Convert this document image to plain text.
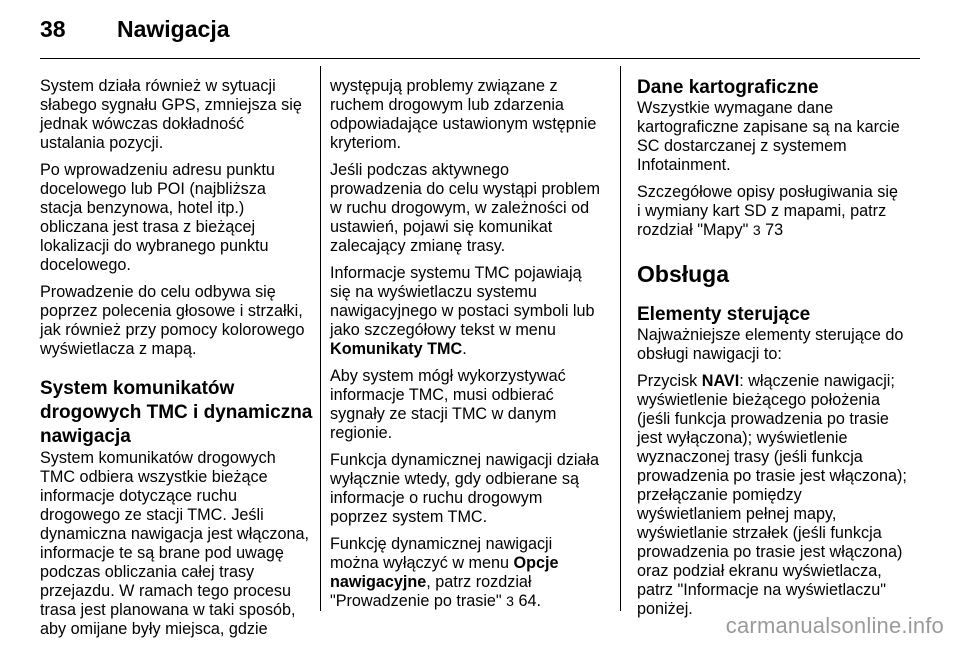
38	Nawigacja

System działa również w sytuacji
słabego sygnału GPS, zmniejsza się
jednak wówczas dokładność
ustalania pozycji.

Po wprowadzeniu adresu punktu
docelowego lub POI (najbliższa
stacja benzynowa, hotel itp.)
obliczana jest trasa z bieżącej
lokalizacji do wybranego punktu
docelowego.

Prowadzenie do celu odbywa się
poprzez polecenia głosowe i strzałki,
jak również przy pomocy kolorowego
wyświetlacza z mapą.

System komunikatów
drogowych TMC i dynamiczna
nawigacja

System komunikatów drogowych
TMC odbiera wszystkie bieżące
informacje dotyczące ruchu
drogowego ze stacji TMC. Jeśli
dynamiczna nawigacja jest włączona,
informacje te są brane pod uwagę
podczas obliczania całej trasy
przejazdu. W ramach tego procesu
trasa jest planowana w taki sposób,
aby omijane były miejsca, gdzie

występują problemy związane z
ruchem drogowym lub zdarzenia
odpowiadające ustawionym wstępnie
kryteriom.

Jeśli podczas aktywnego
prowadzenia do celu wystąpi problem
w ruchu drogowym, w zależności od
ustawień, pojawi się komunikat
zalecający zmianę trasy.

Informacje systemu TMC pojawiają
się na wyświetlaczu systemu
nawigacyjnego w postaci symboli lub
jako szczegółowy tekst w menu
Komunikaty TMC.

Aby system mógł wykorzystywać
informacje TMC, musi odbierać
sygnały ze stacji TMC w danym
regionie.

Funkcja dynamicznej nawigacji działa
wyłącznie wtedy, gdy odbierane są
informacje o ruchu drogowym
poprzez system TMC.

Funkcję dynamicznej nawigacji
można wyłączyć w menu Opcje
nawigacyjne, patrz rozdział
"Prowadzenie po trasie" 3 64.

Dane kartograficzne

Wszystkie wymagane dane
kartograficzne zapisane są na karcie
SC dostarczanej z systemem
Infotainment.

Szczegółowe opisy posługiwania się
i wymiany kart SD z mapami, patrz
rozdział "Mapy" 3 73

Obsługa
Elementy sterujące

Najważniejsze elementy sterujące do
obsługi nawigacji to:

Przycisk NAVI: włączenie nawigacji;
wyświetlenie bieżącego położenia
(jeśli funkcja prowadzenia po trasie
jest wyłączona); wyświetlenie
wyznaczonej trasy (jeśli funkcja
prowadzenia po trasie jest włączona);
przełączanie pomiędzy
wyświetlaniem pełnej mapy,
wyświetlanie strzałek (jeśli funkcja
prowadzenia po trasie jest włączona)
oraz podział ekranu wyświetlacza,
patrz "Informacje na wyświetlaczu"
poniżej.

carmanualsonline.info
